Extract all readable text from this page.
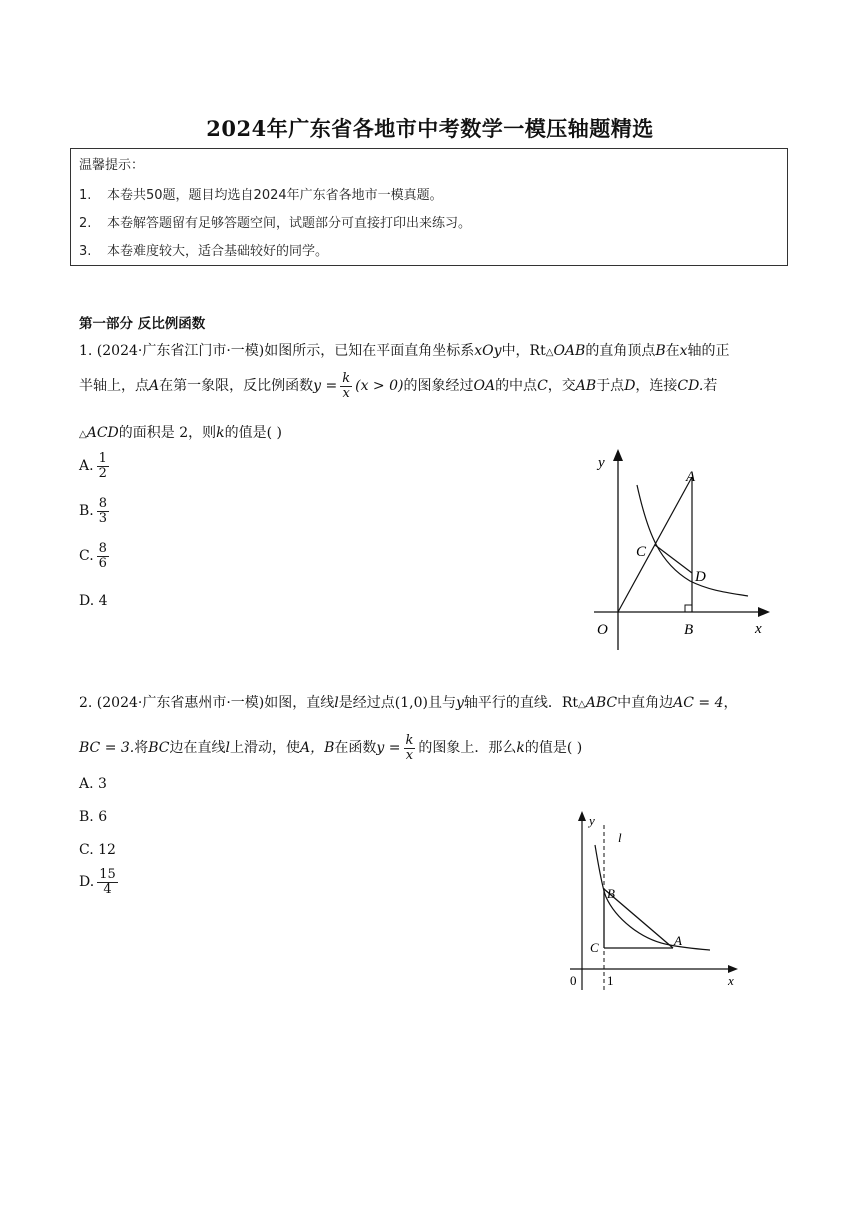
2024年广东省各地市中考数学一模压轴题精选
温馨提示：
1. 本卷共50题，题目均选自2024年广东省各地市一模真题。
2. 本卷解答题留有足够答题空间，试题部分可直接打印出来练习。
3. 本卷难度较大，适合基础较好的同学。
第一部分 反比例函数
1. (2024·广东省江门市·一模)如图所示，已知在平面直角坐标系xOy中，Rt△OAB的直角顶点B在x轴的正
半轴上，点A在第一象限，反比例函数$y = \frac{k}{x} (x > 0)$的图象经过OA的中点C，交AB于点D，连接CD.若
△ACD的面积是 2，则k的值是( )
A. $\frac{1}{2}$
B. $\frac{8}{3}$
C. $\frac{8}{6}$
D. 4
y
x
O
A
B
C
D
2. (2024·广东省惠州市·一模)如图，直线l是经过点(1,0)且与y轴平行的直线．Rt△ABC中直角边AC = 4，
BC = 3.将BC边在直线l上滑动，使A，B在函数$y = \frac{k}{x}$ 的图象上．那么k的值是( )
A. 3
B. 6
C. 12
D. $\frac{15}{4}$
y
l
x
0 1
B
C	A
